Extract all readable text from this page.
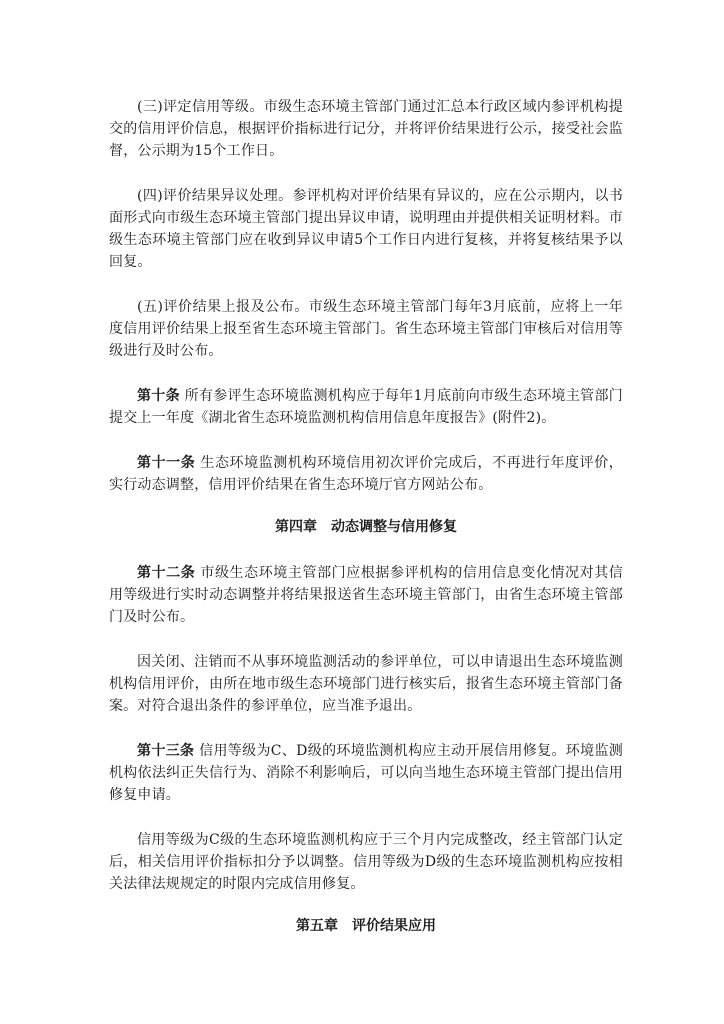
(三)评定信用等级。市级生态环境主管部门通过汇总本行政区域内参评机构提交的信用评价信息，根据评价指标进行记分，并将评价结果进行公示，接受社会监督，公示期为15个工作日。

(四)评价结果异议处理。参评机构对评价结果有异议的，应在公示期内，以书面形式向市级生态环境主管部门提出异议申请，说明理由并提供相关证明材料。市级生态环境主管部门应在收到异议申请5个工作日内进行复核，并将复核结果予以回复。

(五)评价结果上报及公布。市级生态环境主管部门每年3月底前，应将上一年度信用评价结果上报至省生态环境主管部门。省生态环境主管部门审核后对信用等级进行及时公布。

第十条 所有参评生态环境监测机构应于每年1月底前向市级生态环境主管部门提交上一年度《湖北省生态环境监测机构信用信息年度报告》(附件2)。

第十一条 生态环境监测机构环境信用初次评价完成后，不再进行年度评价，实行动态调整，信用评价结果在省生态环境厅官方网站公布。

第四章　动态调整与信用修复

第十二条 市级生态环境主管部门应根据参评机构的信用信息变化情况对其信用等级进行实时动态调整并将结果报送省生态环境主管部门，由省生态环境主管部门及时公布。

因关闭、注销而不从事环境监测活动的参评单位，可以申请退出生态环境监测机构信用评价，由所在地市级生态环境部门进行核实后，报省生态环境主管部门备案。对符合退出条件的参评单位，应当准予退出。

第十三条 信用等级为C、D级的环境监测机构应主动开展信用修复。环境监测机构依法纠正失信行为、消除不利影响后，可以向当地生态环境主管部门提出信用修复申请。

信用等级为C级的生态环境监测机构应于三个月内完成整改，经主管部门认定后，相关信用评价指标扣分予以调整。信用等级为D级的生态环境监测机构应按相关法律法规规定的时限内完成信用修复。

第五章　评价结果应用
